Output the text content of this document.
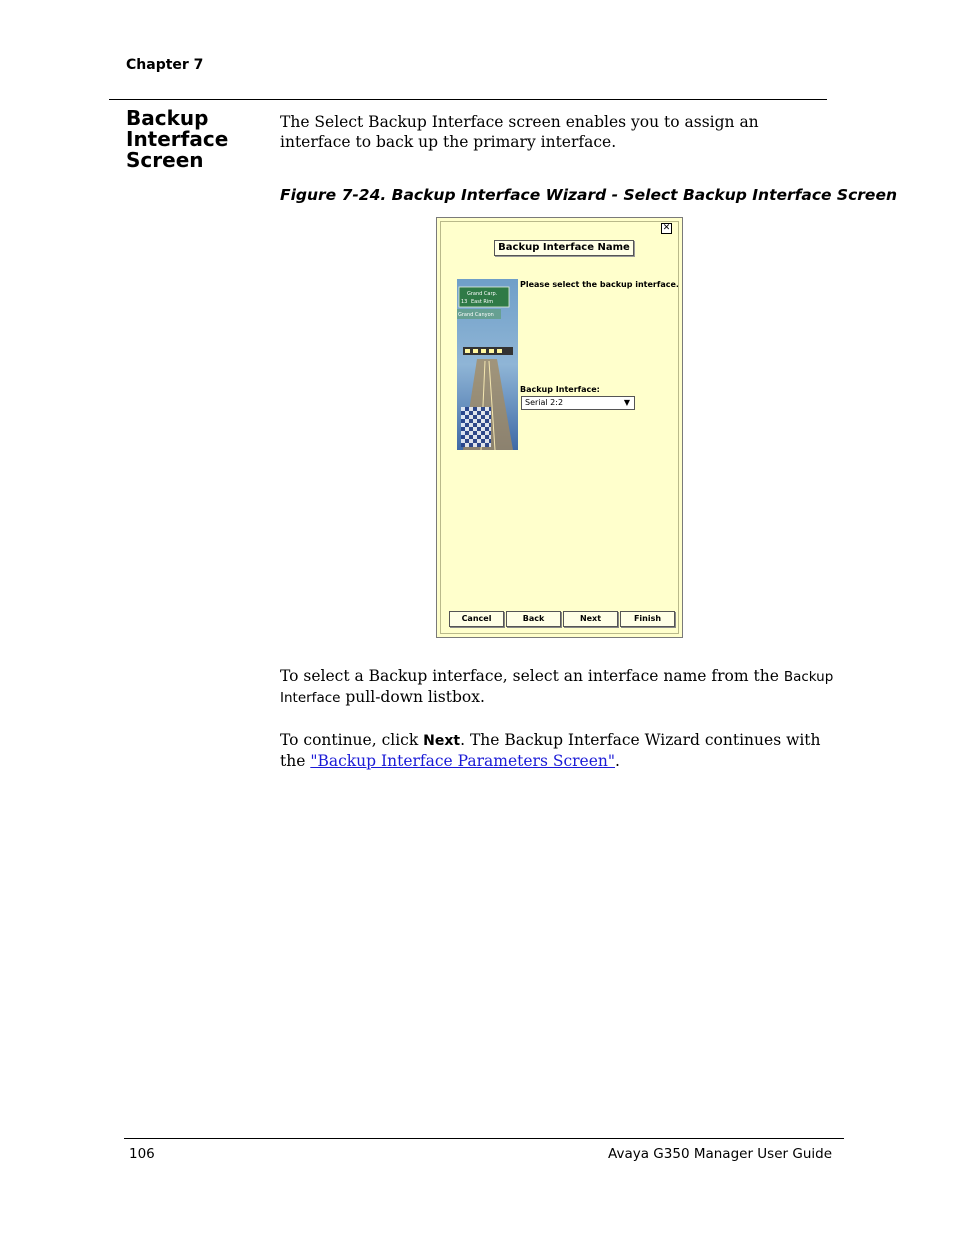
Chapter 7
Backup Interface Screen
The Select Backup Interface screen enables you to assign an interface to back up the primary interface.
Figure 7-24. Backup Interface Wizard - Select Backup Interface Screen
✕
Backup Interface Name
13
Grand Carp.
East Rim
Grand Canyon
Please select the backup interface.
Backup Interface:
Serial 2:2	▼
Cancel	Back	Next	Finish
To select a Backup interface, select an interface name from the Backup Interface pull-down listbox.
To continue, click Next. The Backup Interface Wizard continues with the "Backup Interface Parameters Screen".
106	Avaya G350 Manager User Guide
